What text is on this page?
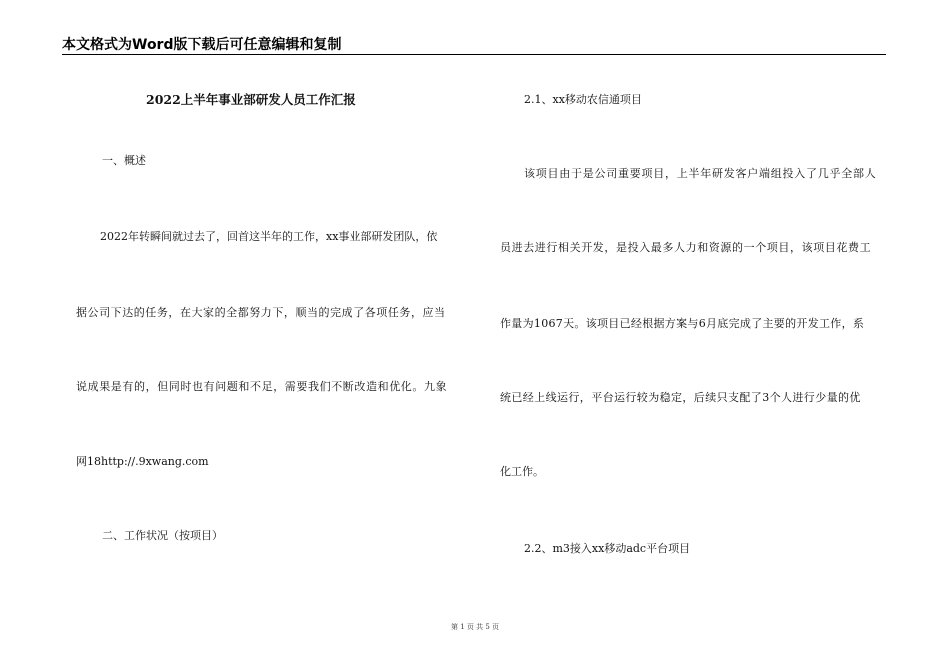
本文格式为Word版下载后可任意编辑和复制
2022上半年事业部研发人员工作汇报
一、概述
2022年转瞬间就过去了，回首这半年的工作，xx事业部研发团队，依
据公司下达的任务，在大家的全都努力下，顺当的完成了各项任务，应当
说成果是有的，但同时也有问题和不足，需要我们不断改造和优化。九象
网18http://.9xwang.com
二、工作状况（按项目）
2.1、xx移动农信通项目
该项目由于是公司重要项目，上半年研发客户端组投入了几乎全部人
员进去进行相关开发，是投入最多人力和资源的一个项目，该项目花费工
作量为1067天。该项目已经根据方案与6月底完成了主要的开发工作，系
统已经上线运行，平台运行较为稳定，后续只支配了3个人进行少量的优
化工作。
2.2、m3接入xx移动adc平台项目
第 1 页 共 5 页
